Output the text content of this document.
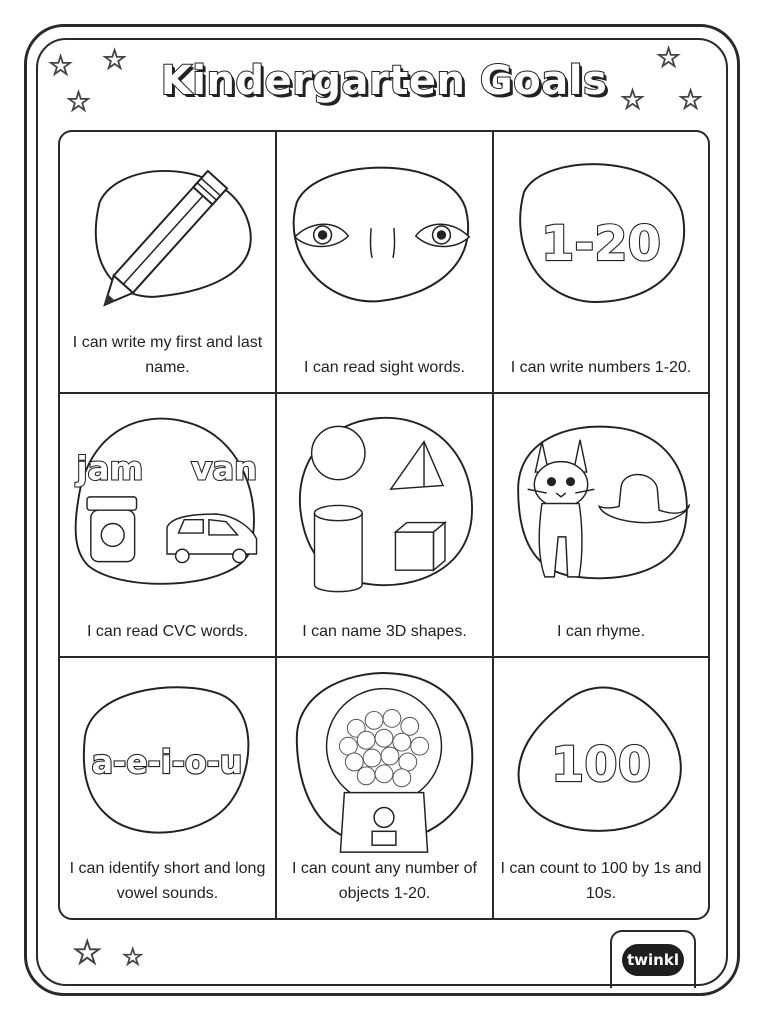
☆ ☆
☆
☆
☆ ☆
☆ ☆
Kindergarten Goals
I can write my first and last name.	I can read sight words.
1-20
I can write numbers 1-20.
jam van
I can read CVC words.	I can name 3D shapes.	I can rhyme.
a-e-i-o-u
I can identify short and long vowel sounds.
I can count any number of objects 1-20.
100
I can count to 100 by 1s and 10s.
twinkl
